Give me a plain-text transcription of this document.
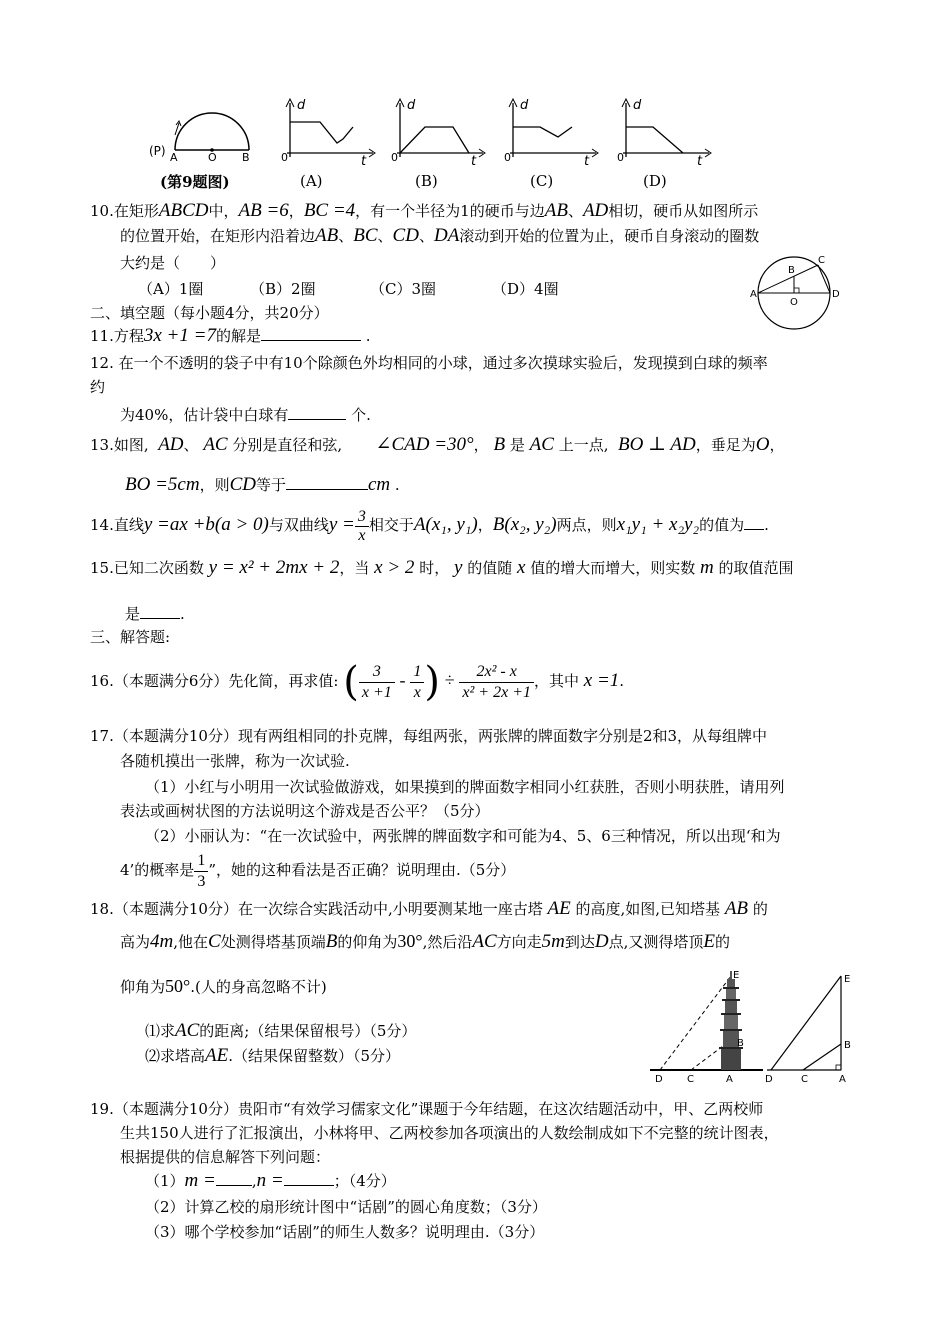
(P) A	O B
d
t
0
d
t
0
d
t
0
d
t
0
(第9题图)	(A)	(B)	(C)	(D)
10.在矩形ABCD中，AB =6，BC =4，有一个半径为1的硬币与边AB、AD相切，硬币从如图所示
的位置开始，在矩形内沿着边AB、BC、CD、DA滚动到开始的位置为止，硬币自身滚动的圈数
大约是（　　）
（A）1圈	（B）2圈	（C）3圈	（D）4圈	A
B
C
D
O
二、填空题（每小题4分，共20分）
11.方程3x +1 =7的解是	.
12. 在一个不透明的袋子中有10个除颜色外均相同的小球，通过多次摸球实验后，发现摸到白球的频率
约
为40%，估计袋中白球有	个.
13.如图, AD、 AC 分别是直径和弦, ∠CAD =30°， B 是 AC 上一点, BO ⊥ AD，垂足为O，
BO =5cm，则CD等于	cm .
14.直线y =ax +b(a > 0)与双曲线$y = \frac{3}{x}$ 相交于A(x₁, y₁)，B(x₂, y₂)两点，则x₁y₁ + x₂y₂的值为 .
15.已知二次函数 y = x² + 2mx + 2，当 x > 2 时， y 的值随 x 值的增大而增大，则实数 m 的取值范围
是	.
三、解答题:
16.（本题满分6分）先化简，再求值: ( $\frac{3}{x +1} - \frac{1}{x}$ ) ÷ $\frac{\text{2x² - x}}{\text{x² + 2x +1}}$ ，其中 x =1.
17.（本题满分10分）现有两组相同的扑克牌，每组两张，两张牌的牌面数字分别是2和3，从每组牌中
各随机摸出一张牌，称为一次试验.
（1）小红与小明用一次试验做游戏，如果摸到的牌面数字相同小红获胜，否则小明获胜，请用列
表法或画树状图的方法说明这个游戏是否公平？（5分）
（2）小丽认为：“在一次试验中，两张牌的牌面数字和可能为4、5、6三种情况，所以出现‘和为
4’的概率是 $\frac{1}{3}$ ”，她的这种看法是否正确？说明理由.（5分）
18.（本题满分10分）在一次综合实践活动中,小明要测某地一座古塔 AE 的高度,如图,已知塔基 AB 的
高为4m,他在C处测得塔基顶端B的仰角为30°,然后沿AC方向走5m到达D点,又测得塔顶E的
仰角为50°.(人的身高忽略不计)
⑴求AC的距离;（结果保留根号）（5分）
⑵求塔高AE.（结果保留整数）（5分）
E
B
D C	A
E
B
D	C	A
19.（本题满分10分）贵阳市“有效学习儒家文化”课题于今年结题，在这次结题活动中，甲、乙两校师
生共150人进行了汇报演出，小林将甲、乙两校参加各项演出的人数绘制成如下不完整的统计图表，
根据提供的信息解答下列问题：
（1）m = ,n =	；（4分）
（2）计算乙校的扇形统计图中“话剧”的圆心角度数；（3分）
（3）哪个学校参加“话剧”的师生人数多？说明理由.（3分）
